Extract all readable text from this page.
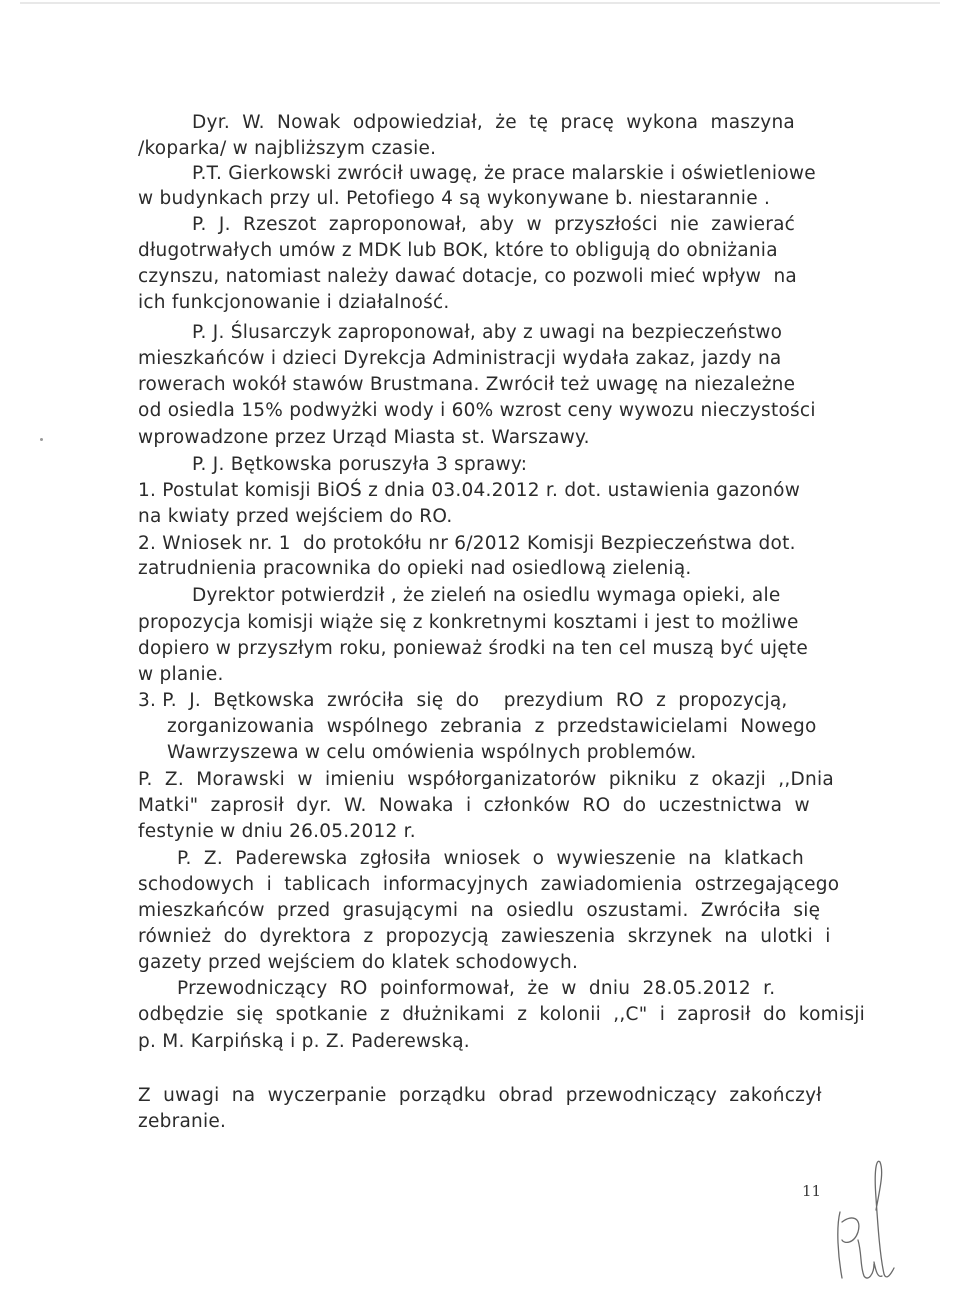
Dyr.  W.  Nowak  odpowiedział,  że  tę  pracę  wykona  maszyna
/koparka/ w najbliższym czasie.
P.T. Gierkowski zwrócił uwagę, że prace malarskie i oświetleniowe
w budynkach przy ul. Petofiego 4 są wykonywane b. niestarannie .
P.  J.  Rzeszot  zaproponował,  aby  w  przyszłości  nie  zawierać
długotrwałych umów z MDK lub BOK, które to obligują do obniżania
czynszu, natomiast należy dawać dotacje, co pozwoli mieć wpływ  na
ich funkcjonowanie i działalność.
P. J. Ślusarczyk zaproponował, aby z uwagi na bezpieczeństwo
mieszkańców i dzieci Dyrekcja Administracji wydała zakaz, jazdy na
rowerach wokół stawów Brustmana. Zwrócił też uwagę na niezależne
od osiedla 15% podwyżki wody i 60% wzrost ceny wywozu nieczystości
wprowadzone przez Urząd Miasta st. Warszawy.
P. J. Bętkowska poruszyła 3 sprawy:
1. Postulat komisji BiOŚ z dnia 03.04.2012 r. dot. ustawienia gazonów
na kwiaty przed wejściem do RO.
2. Wniosek nr. 1  do protokółu nr 6/2012 Komisji Bezpieczeństwa dot.
zatrudnienia pracownika do opieki nad osiedlową zielenią.
Dyrektor potwierdził , że zieleń na osiedlu wymaga opieki, ale
propozycja komisji wiąże się z konkretnymi kosztami i jest to możliwe
dopiero w przyszłym roku, ponieważ środki na ten cel muszą być ujęte
w planie.
3. P.  J.  Bętkowska  zwróciła  się  do    prezydium  RO  z  propozycją,
zorganizowania  wspólnego  zebrania  z  przedstawicielami  Nowego
Wawrzyszewa w celu omówienia wspólnych problemów.
P.  Z.  Morawski  w  imieniu  współorganizatorów  pikniku  z  okazji  ,,Dnia
Matki"  zaprosił  dyr.  W.  Nowaka  i  członków  RO  do  uczestnictwa  w
festynie w dniu 26.05.2012 r.
P.  Z.  Paderewska  zgłosiła  wniosek  o  wywieszenie  na  klatkach
schodowych  i  tablicach  informacyjnych  zawiadomienia  ostrzegającego
mieszkańców  przed  grasującymi  na  osiedlu  oszustami.  Zwróciła  się
również  do  dyrektora  z  propozycją  zawieszenia  skrzynek  na  ulotki  i
gazety przed wejściem do klatek schodowych.
Przewodniczący  RO  poinformował,  że  w  dniu  28.05.2012  r.
odbędzie  się  spotkanie  z  dłużnikami  z  kolonii  ,,C"  i  zaprosił  do  komisji
p. M. Karpińską i p. Z. Paderewską.
Z  uwagi  na  wyczerpanie  porządku  obrad  przewodniczący  zakończył
zebranie.
11
